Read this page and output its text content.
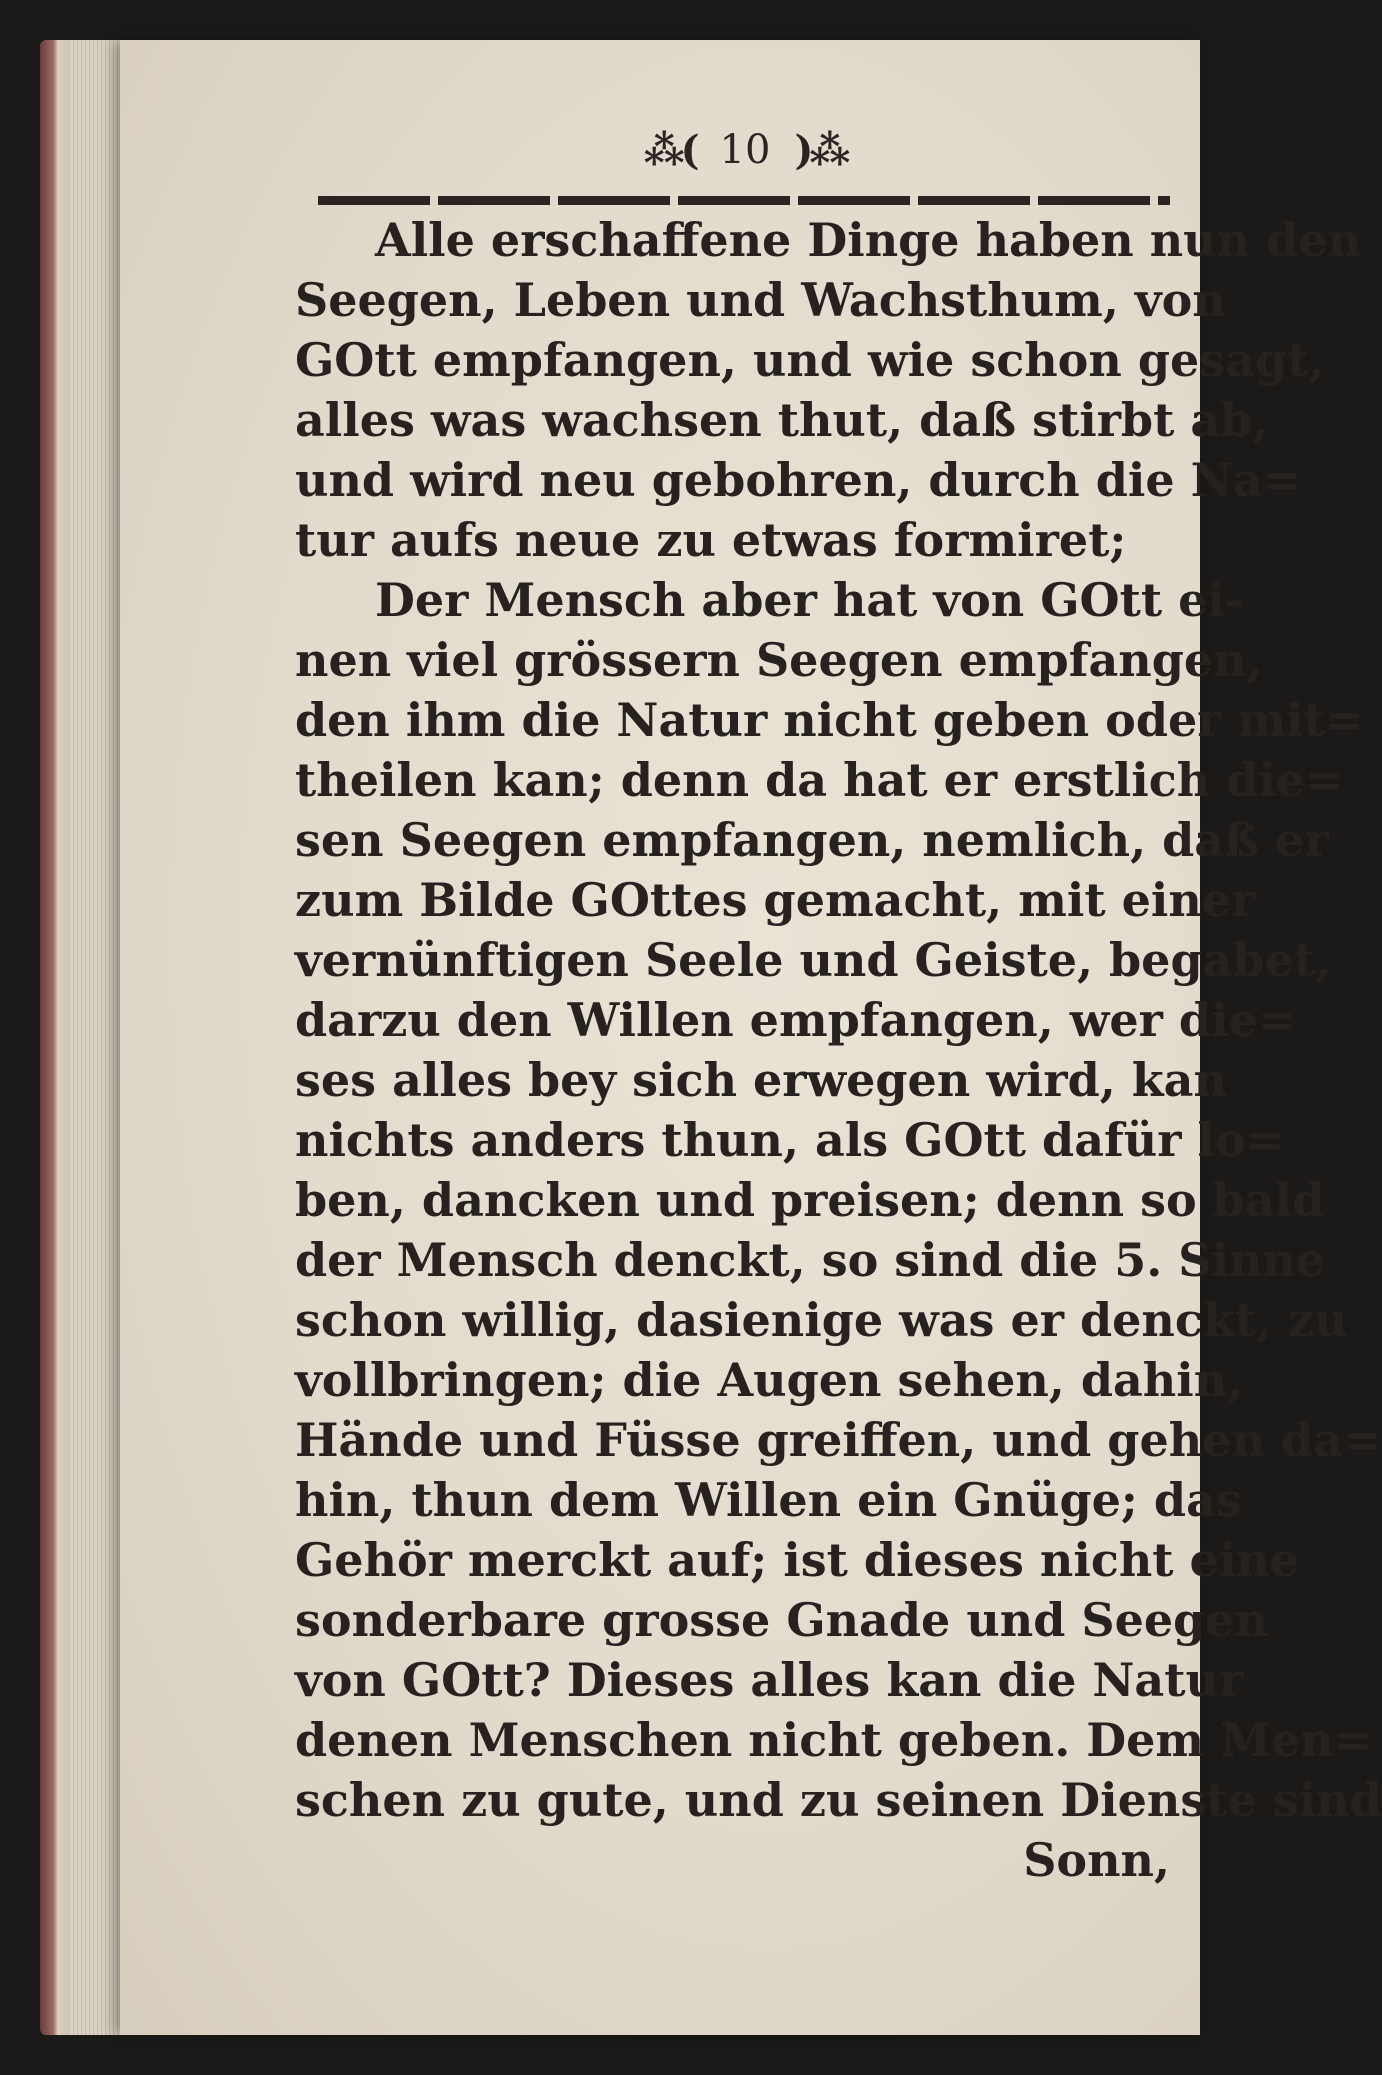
⁂( 10 )⁂
Alle erschaffene Dinge haben nun den
Seegen, Leben und Wachsthum, von
GOtt empfangen, und wie schon gesagt,
alles was wachsen thut, daß stirbt ab,
und wird neu gebohren, durch die Na=
tur aufs neue zu etwas formiret;
Der Mensch aber hat von GOtt ei-
nen viel grössern Seegen empfangen,
den ihm die Natur nicht geben oder mit=
theilen kan; denn da hat er erstlich die=
sen Seegen empfangen, nemlich, daß er
zum Bilde GOttes gemacht, mit einer
vernünftigen Seele und Geiste, begabet,
darzu den Willen empfangen, wer die=
ses alles bey sich erwegen wird, kan
nichts anders thun, als GOtt dafür lo=
ben, dancken und preisen; denn so bald
der Mensch denckt, so sind die 5. Sinne
schon willig, dasienige was er denckt, zu
vollbringen; die Augen sehen, dahin,
Hände und Füsse greiffen, und gehen da=
hin, thun dem Willen ein Gnüge; das
Gehör merckt auf; ist dieses nicht eine
sonderbare grosse Gnade und Seegen
von GOtt? Dieses alles kan die Natur
denen Menschen nicht geben. Dem Men=
schen zu gute, und zu seinen Dienste sind
Sonn,
